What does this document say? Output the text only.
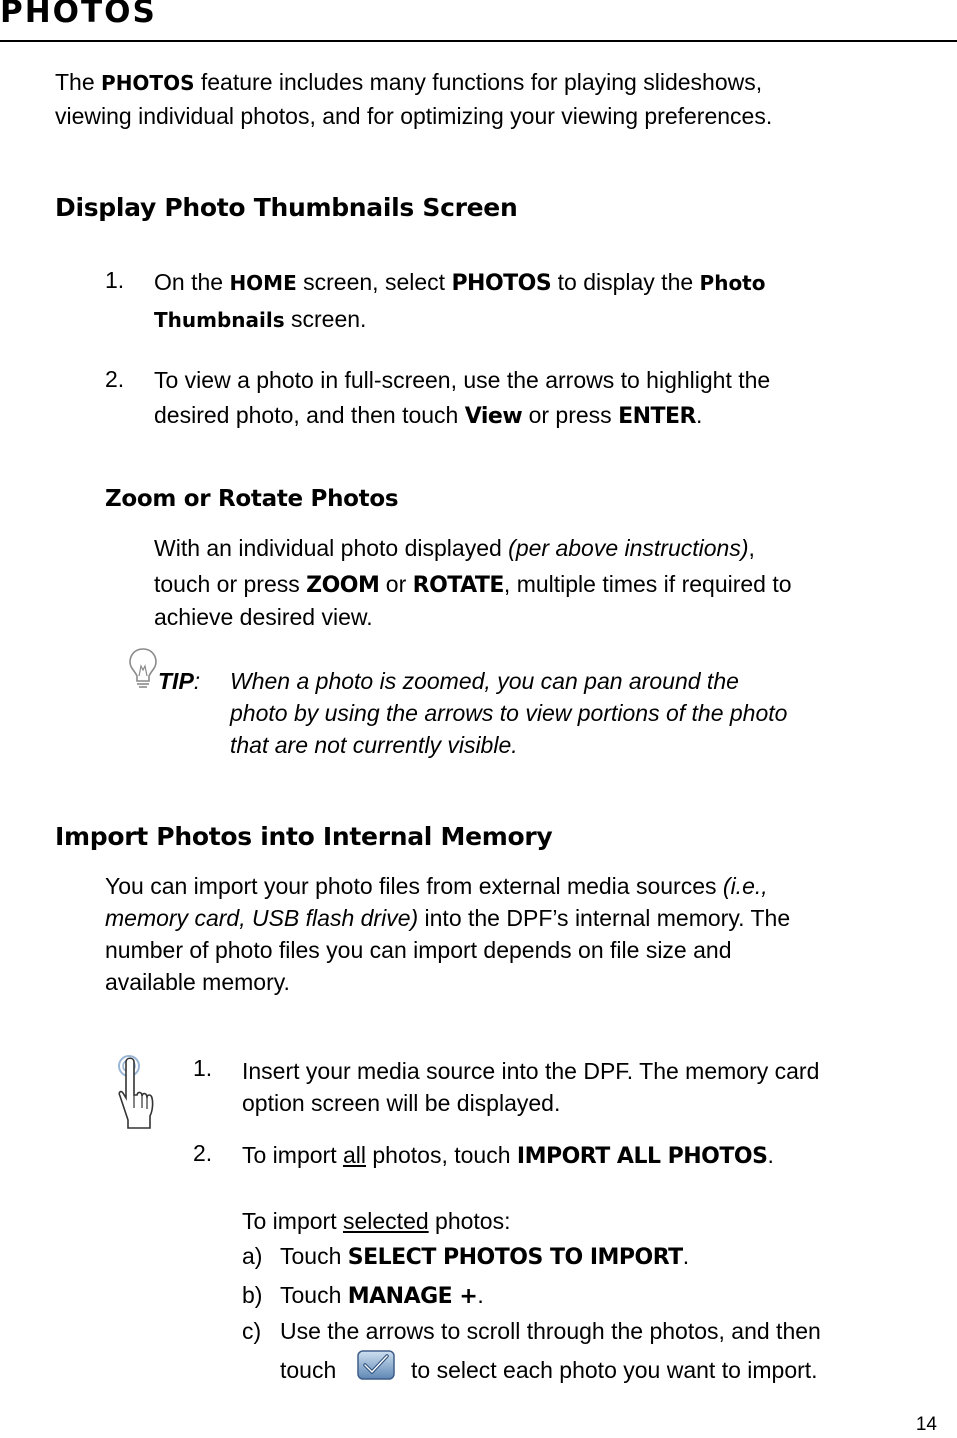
PHOTOS
The PHOTOS feature includes many functions for playing slideshows,
viewing individual photos, and for optimizing your viewing preferences.
Display Photo Thumbnails Screen
1. On the HOME screen, select PHOTOS to display the Photo
Thumbnails screen.
2. To view a photo in full-screen, use the arrows to highlight the
desired photo, and then touch View or press ENTER.
Zoom or Rotate Photos
With an individual photo displayed (per above instructions),
touch or press ZOOM or ROTATE, multiple times if required to
achieve desired view.
TIP: When a photo is zoomed, you can pan around the
photo by using the arrows to view portions of the photo
that are not currently visible.
Import Photos into Internal Memory
You can import your photo files from external media sources (i.e.,
memory card, USB flash drive) into the DPF’s internal memory. The
number of photo files you can import depends on file size and
available memory.
1. Insert your media source into the DPF. The memory card
option screen will be displayed.
2. To import all photos, touch IMPORT ALL PHOTOS.
To import selected photos:
a) Touch SELECT PHOTOS TO IMPORT.
b) Touch MANAGE +.
c) Use the arrows to scroll through the photos, and then
touch	to select each photo you want to import.
14
